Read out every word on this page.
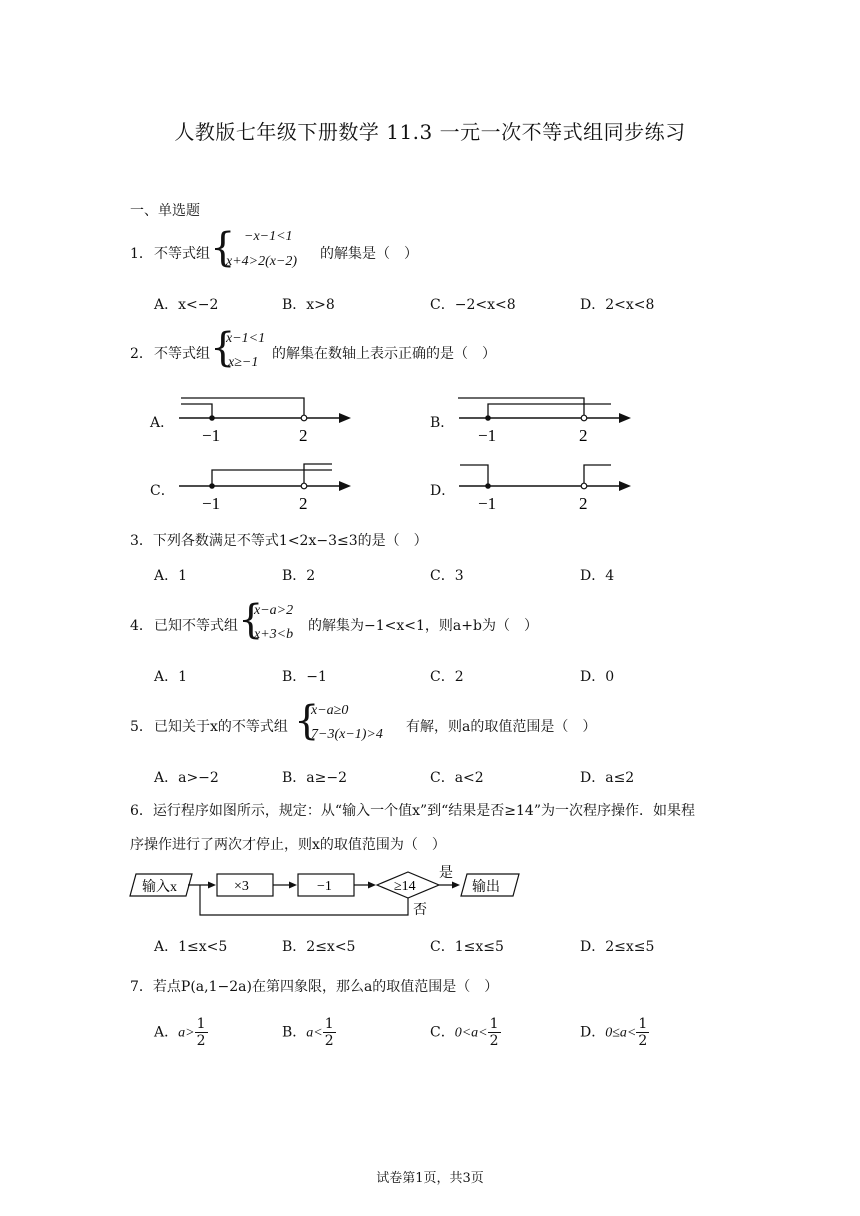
人教版七年级下册数学 11.3 一元一次不等式组同步练习
一、单选题
1． 不等式组 { −x−1<1
x+4>2(x−2) 的解集是（　）
A．x<−2	B．x>8	C．−2<x<8	D．2<x<8
2． 不等式组 {
x−1<1
x≥−1
的解集在数轴上表示正确的是（　）
A．
−1	2
B．
−1	2
C．
−1	2
D．
−1	2
3．下列各数满足不等式1<2x−3≤3的是（　）
A．1	B．2	C．3	D．4
4． 已知不等式组 {
x−a>2
x+3<b
的解集为−1<x<1，则a+b为（　）
A．1	B．−1	C．2	D．0
5． 已知关于x的不等式组 {
x−a≥0
7−3(x−1)>4 有解，则a的取值范围是（　）
A．a>−2	B．a≥−2	C．a<2	D．a≤2
6．运行程序如图所示，规定：从“输入一个值x”到“结果是否≥14”为一次程序操作．如果程
序操作进行了两次才停止，则x的取值范围为（　）
输入x	×3	−1	≥14
是
输出
否
A．1≤x<5	B．2≤x<5	C．1≤x≤5	D．2≤x≤5
7．若点P(a,1−2a)在第四象限，那么a的取值范围是（　）
A．$a> \frac{1}{2}$	B．$a< \frac{1}{2}$	C．$0<a< \frac{1}{2}$	D．$0\le a< \frac{1}{2}$
试卷第1页，共3页
